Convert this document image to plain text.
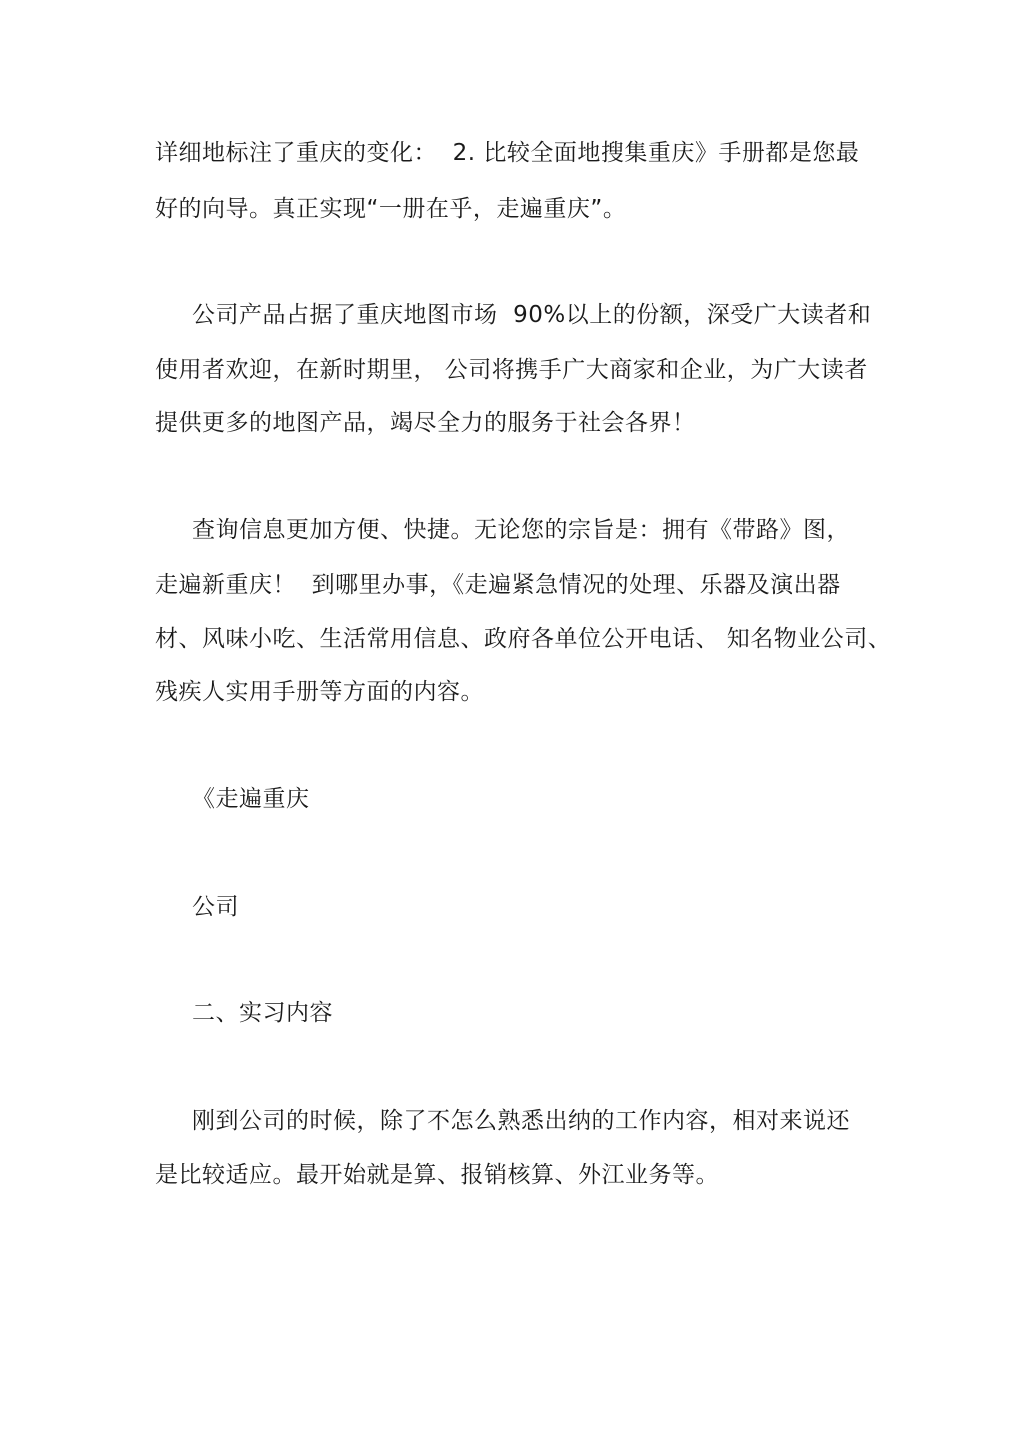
详细地标注了重庆的变化：  2. 比较全面地搜集重庆》手册都是您最
好的向导。真正实现“一册在乎，走遍重庆”。
公司产品占据了重庆地图市场  90%以上的份额，深受广大读者和
使用者欢迎，在新时期里， 公司将携手广大商家和企业，为广大读者
提供更多的地图产品，竭尽全力的服务于社会各界！
查询信息更加方便、快捷。无论您的宗旨是：拥有《带路》图，
走遍新重庆！  到哪里办事，《走遍紧急情况的处理、乐器及演出器
材、风味小吃、生活常用信息、政府各单位公开电话、 知名物业公司、
残疾人实用手册等方面的内容。
《走遍重庆
公司
二、实习内容
刚到公司的时候，除了不怎么熟悉出纳的工作内容，相对来说还
是比较适应。最开始就是算、报销核算、外江业务等。
